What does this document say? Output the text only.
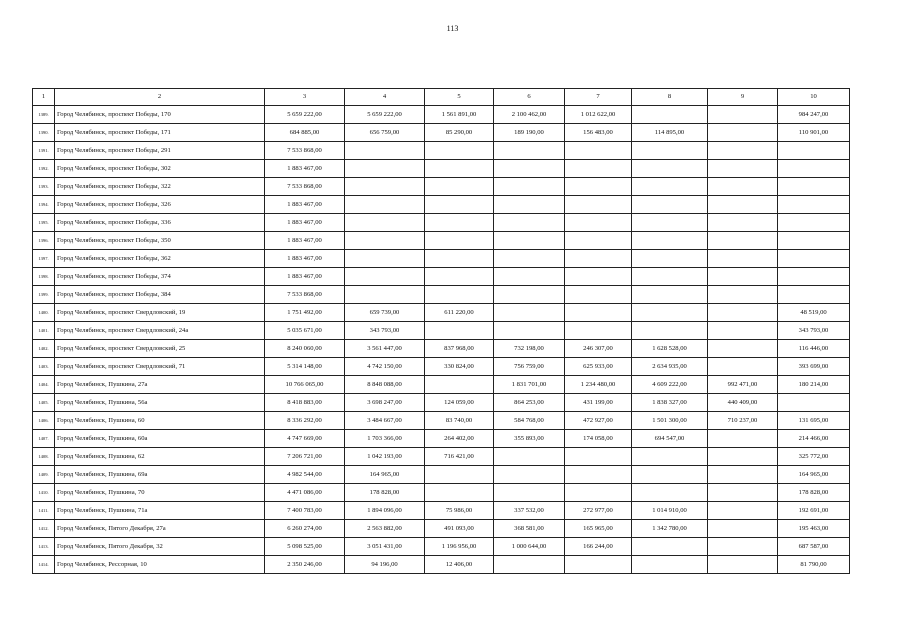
113
1	2	3	4	5	6	7	8	9	10
1389.	Город Челябинск, проспект Победы, 170	5 659 222,00	5 659 222,00	1 561 891,00	2 100 462,00	1 012 622,00			984 247,00
1390.	Город Челябинск, проспект Победы, 171	684 885,00	656 759,00	85 290,00	189 190,00	156 483,00	114 895,00		110 901,00
1391.	Город Челябинск, проспект Победы, 291	7 533 868,00							
1392.	Город Челябинск, проспект Победы, 302	1 883 467,00							
1393.	Город Челябинск, проспект Победы, 322	7 533 868,00							
1394.	Город Челябинск, проспект Победы, 326	1 883 467,00							
1395.	Город Челябинск, проспект Победы, 336	1 883 467,00							
1396.	Город Челябинск, проспект Победы, 350	1 883 467,00							
1397.	Город Челябинск, проспект Победы, 362	1 883 467,00							
1398.	Город Челябинск, проспект Победы, 374	1 883 467,00							
1399.	Город Челябинск, проспект Победы, 384	7 533 868,00							
1400.	Город Челябинск, проспект Свердловский, 19	1 751 492,00	659 739,00	611 220,00					48 519,00
1401.	Город Челябинск, проспект Свердловский, 24а	5 035 671,00	343 793,00						343 793,00
1402.	Город Челябинск, проспект Свердловский, 25	8 240 060,00	3 561 447,00	837 968,00	732 198,00	246 307,00	1 628 528,00		116 446,00
1403.	Город Челябинск, проспект Свердловский, 71	5 314 148,00	4 742 150,00	330 824,00	756 759,00	625 933,00	2 634 935,00		393 699,00
1404.	Город Челябинск, Пушкина, 27а	10 766 065,00	8 848 088,00		1 831 701,00	1 234 480,00	4 609 222,00	992 471,00	180 214,00
1405.	Город Челябинск, Пушкина, 56а	8 418 883,00	3 698 247,00	124 059,00	864 253,00	431 199,00	1 838 327,00	440 409,00	
1406.	Город Челябинск, Пушкина, 60	8 336 292,00	3 484 667,00	83 740,00	584 768,00	472 927,00	1 501 300,00	710 237,00	131 695,00
1407.	Город Челябинск, Пушкина, 60а	4 747 669,00	1 703 366,00	264 402,00	355 893,00	174 058,00	694 547,00		214 466,00
1408.	Город Челябинск, Пушкина, 62	7 206 721,00	1 042 193,00	716 421,00					325 772,00
1409.	Город Челябинск, Пушкина, 69а	4 982 544,00	164 965,00						164 965,00
1410.	Город Челябинск, Пушкина, 70	4 471 086,00	178 828,00						178 828,00
1411.	Город Челябинск, Пушкина, 71а	7 400 783,00	1 894 096,00	75 986,00	337 532,00	272 977,00	1 014 910,00		192 691,00
1412.	Город Челябинск, Пятого Декабря, 27а	6 260 274,00	2 563 882,00	491 093,00	368 581,00	165 965,00	1 342 780,00		195 463,00
1413.	Город Челябинск, Пятого Декабря, 32	5 098 525,00	3 051 431,00	1 196 956,00	1 000 644,00	166 244,00			687 587,00
1414.	Город Челябинск, Рессорная, 10	2 350 246,00	94 196,00	12 406,00					81 790,00
